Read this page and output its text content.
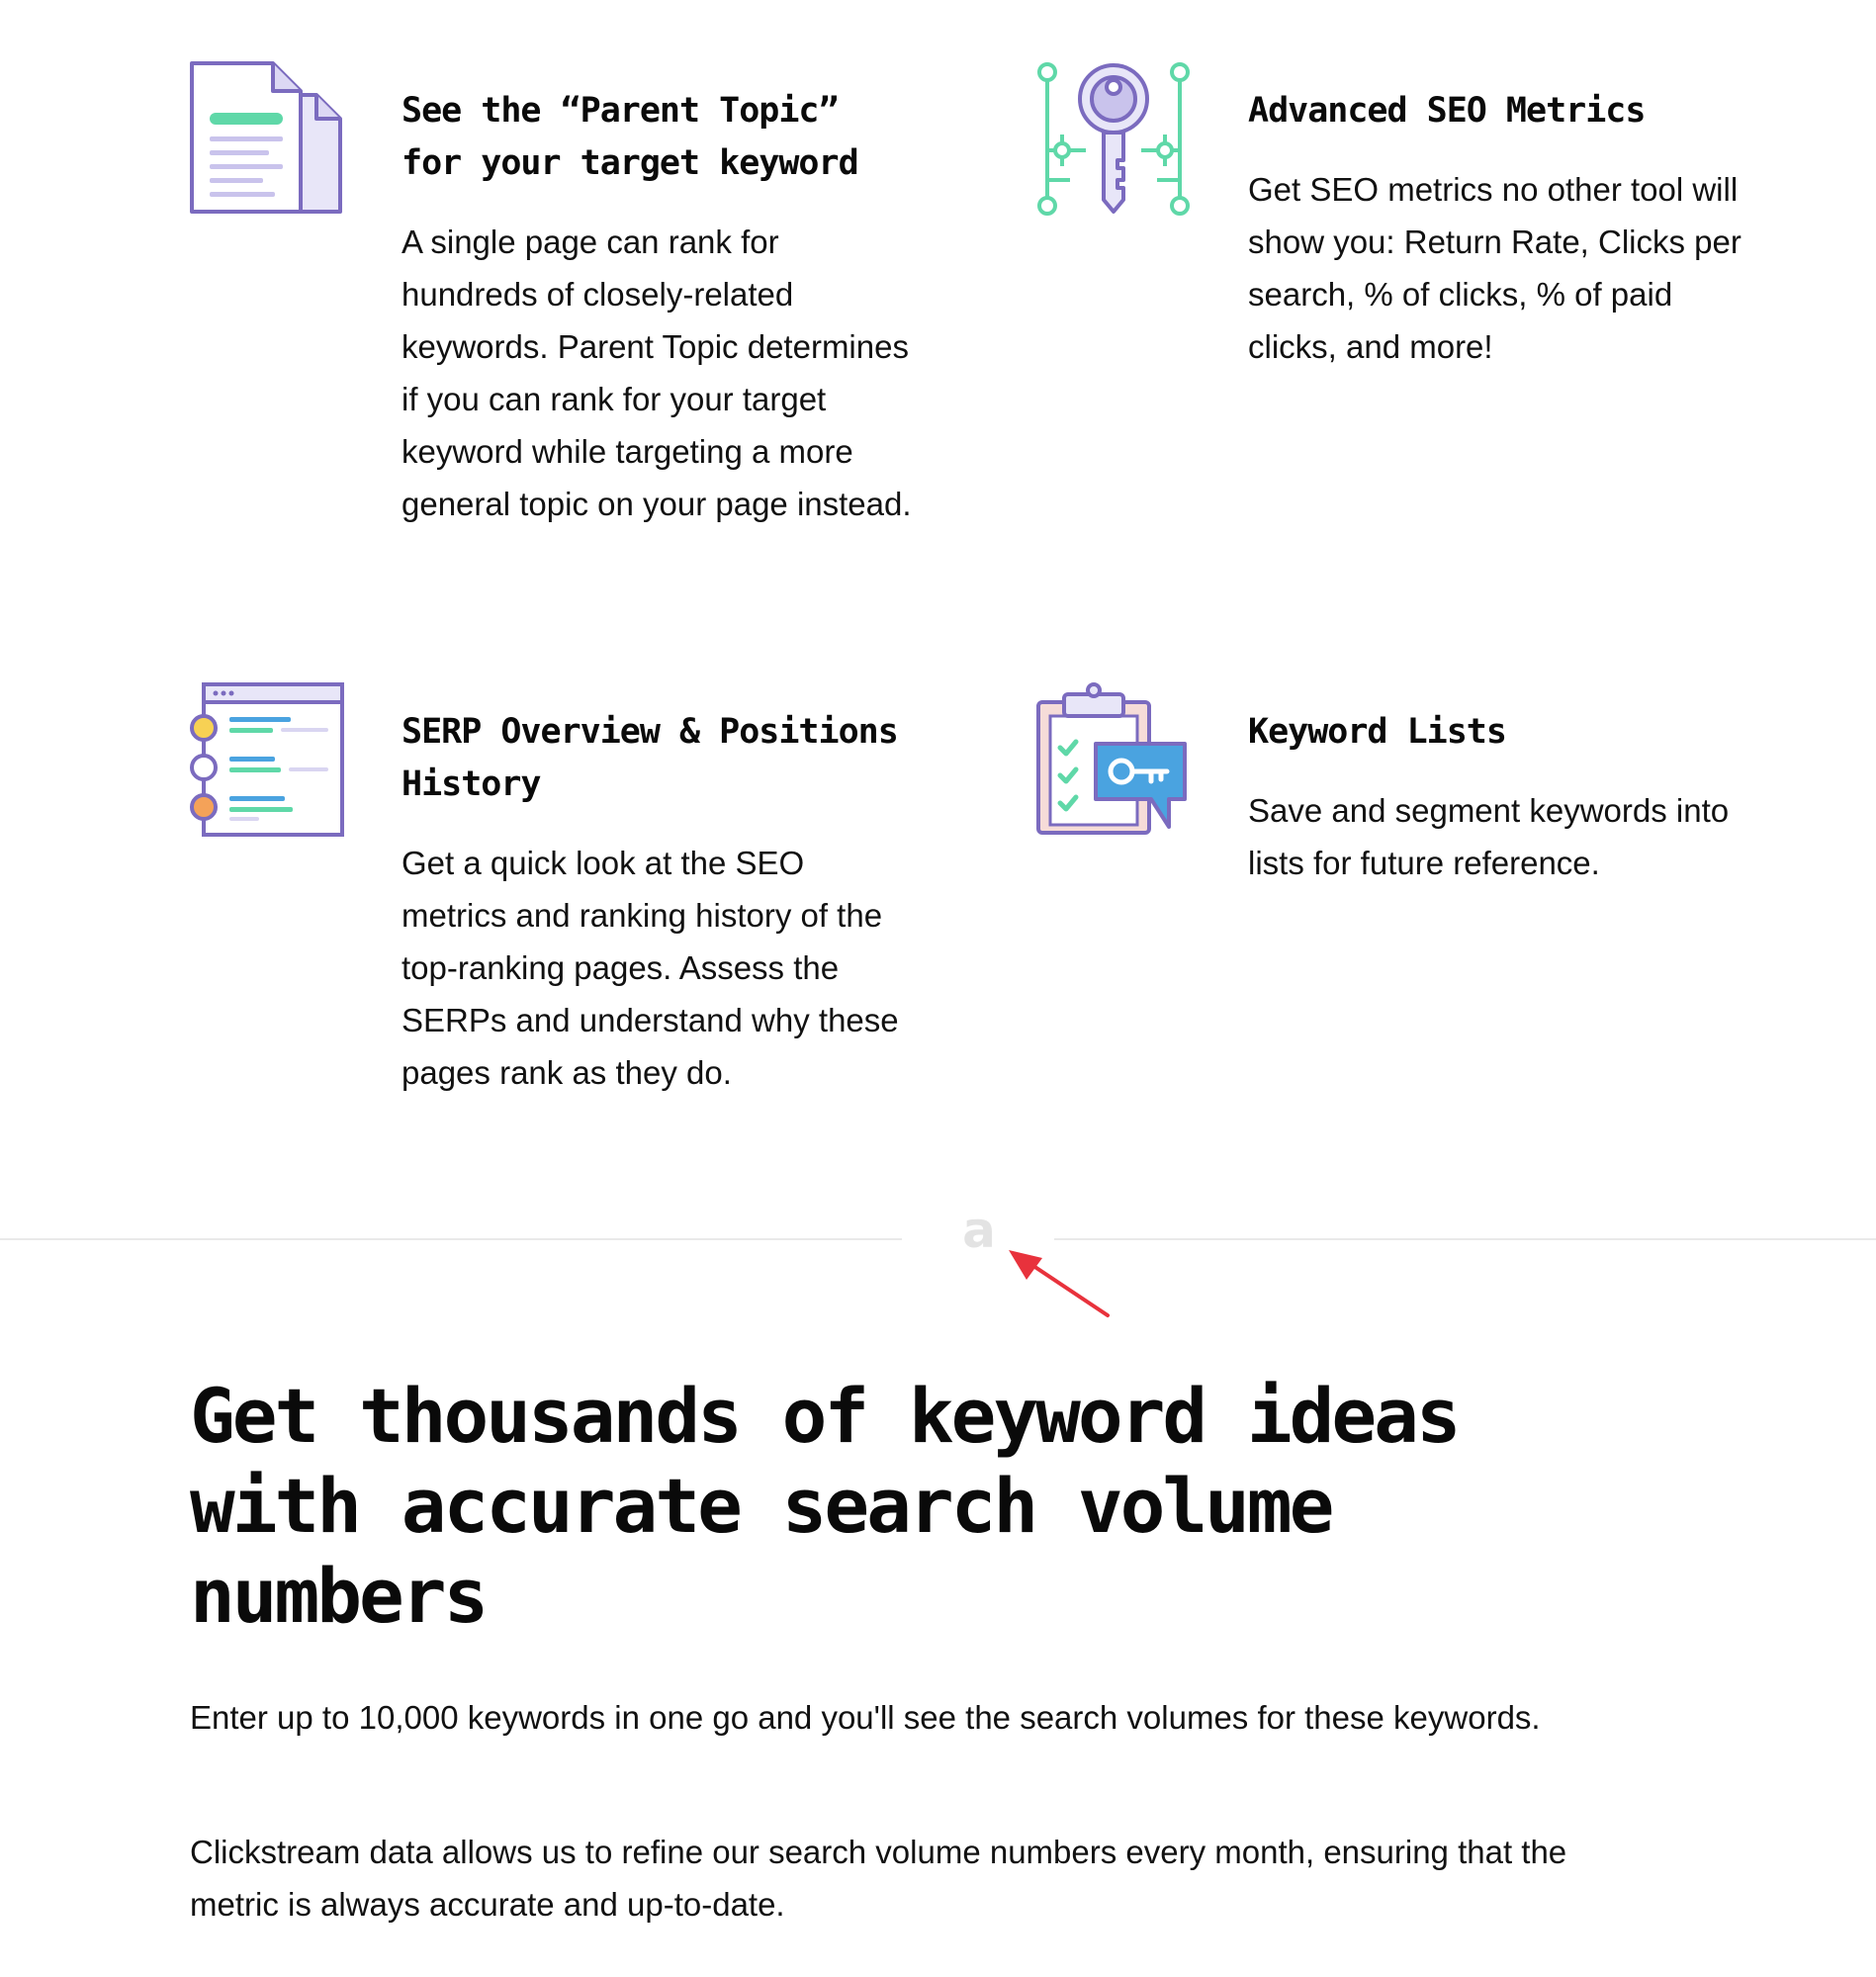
See the “Parent Topic” for your target keyword

A single page can rank for hundreds of closely-related keywords. Parent Topic determines if you can rank for your target keyword while targeting a more general topic on your page instead.

Advanced SEO Metrics

Get SEO metrics no other tool will show you: Return Rate, Clicks per search, % of clicks, % of paid clicks, and more!

SERP Overview & Positions History

Get a quick look at the SEO metrics and ranking history of the top-ranking pages. Assess the SERPs and understand why these pages rank as they do.

Keyword Lists

Save and segment keywords into lists for future reference.

a
Get thousands of keyword ideas with accurate search volume numbers

Enter up to 10,000 keywords in one go and you'll see the search volumes for these keywords.

Clickstream data allows us to refine our search volume numbers every month, ensuring that the metric is always accurate and up-to-date.
